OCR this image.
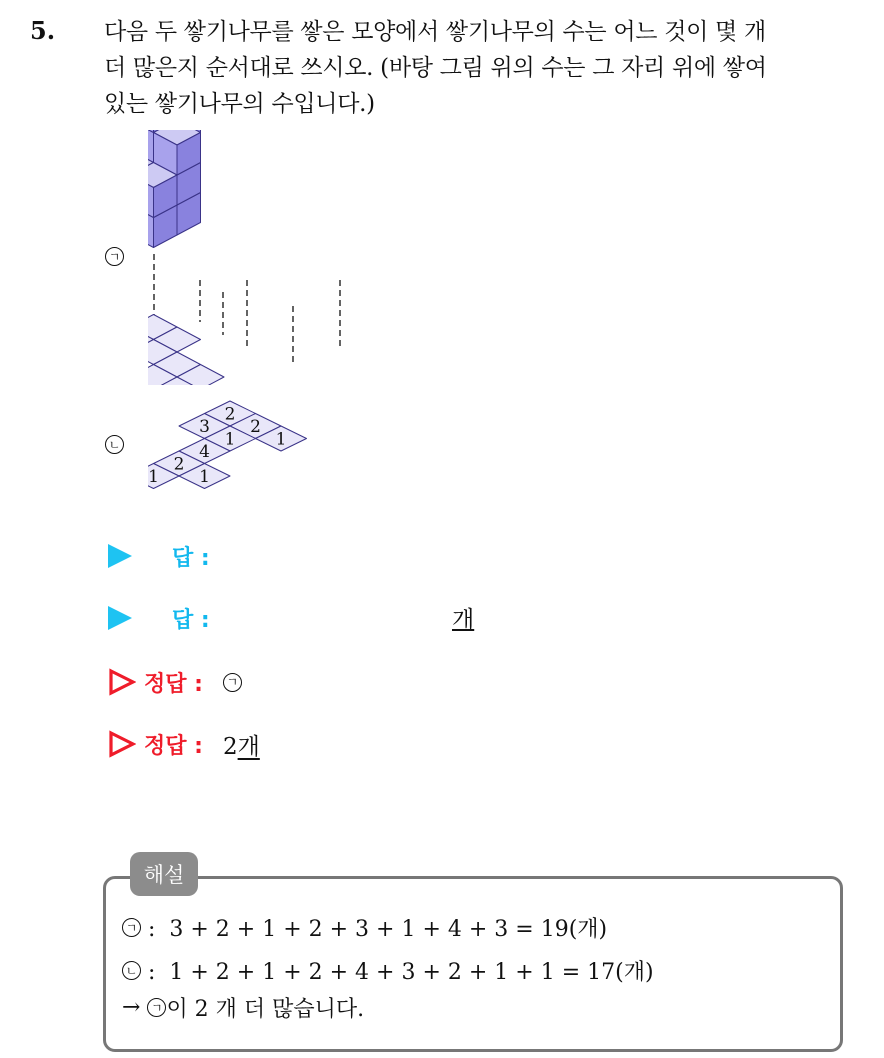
5. 다음 두 쌓기나무를 쌓은 모양에서 쌓기나무의 수는 어느 것이 몇 개
더 많은지 순서대로 쓰시오. (바탕 그림 위의 수는 그 자리 위에 쌓여
있는 쌓기나무의 수입니다.)
ㄱ
ㄴ
2
2
1
3
1
4
2
1
1
답 :
답 :	개
정답 :	ㄱ
정답 : 2개
해설
ㄱ :  3 + 2 + 1 + 2 + 3 + 1 + 4 + 3 = 19(개)
ㄴ :  1 + 2 + 1 + 2 + 4 + 3 + 2 + 1 + 1 = 17(개)
→ ㄱ 이 2 개 더 많습니다.
